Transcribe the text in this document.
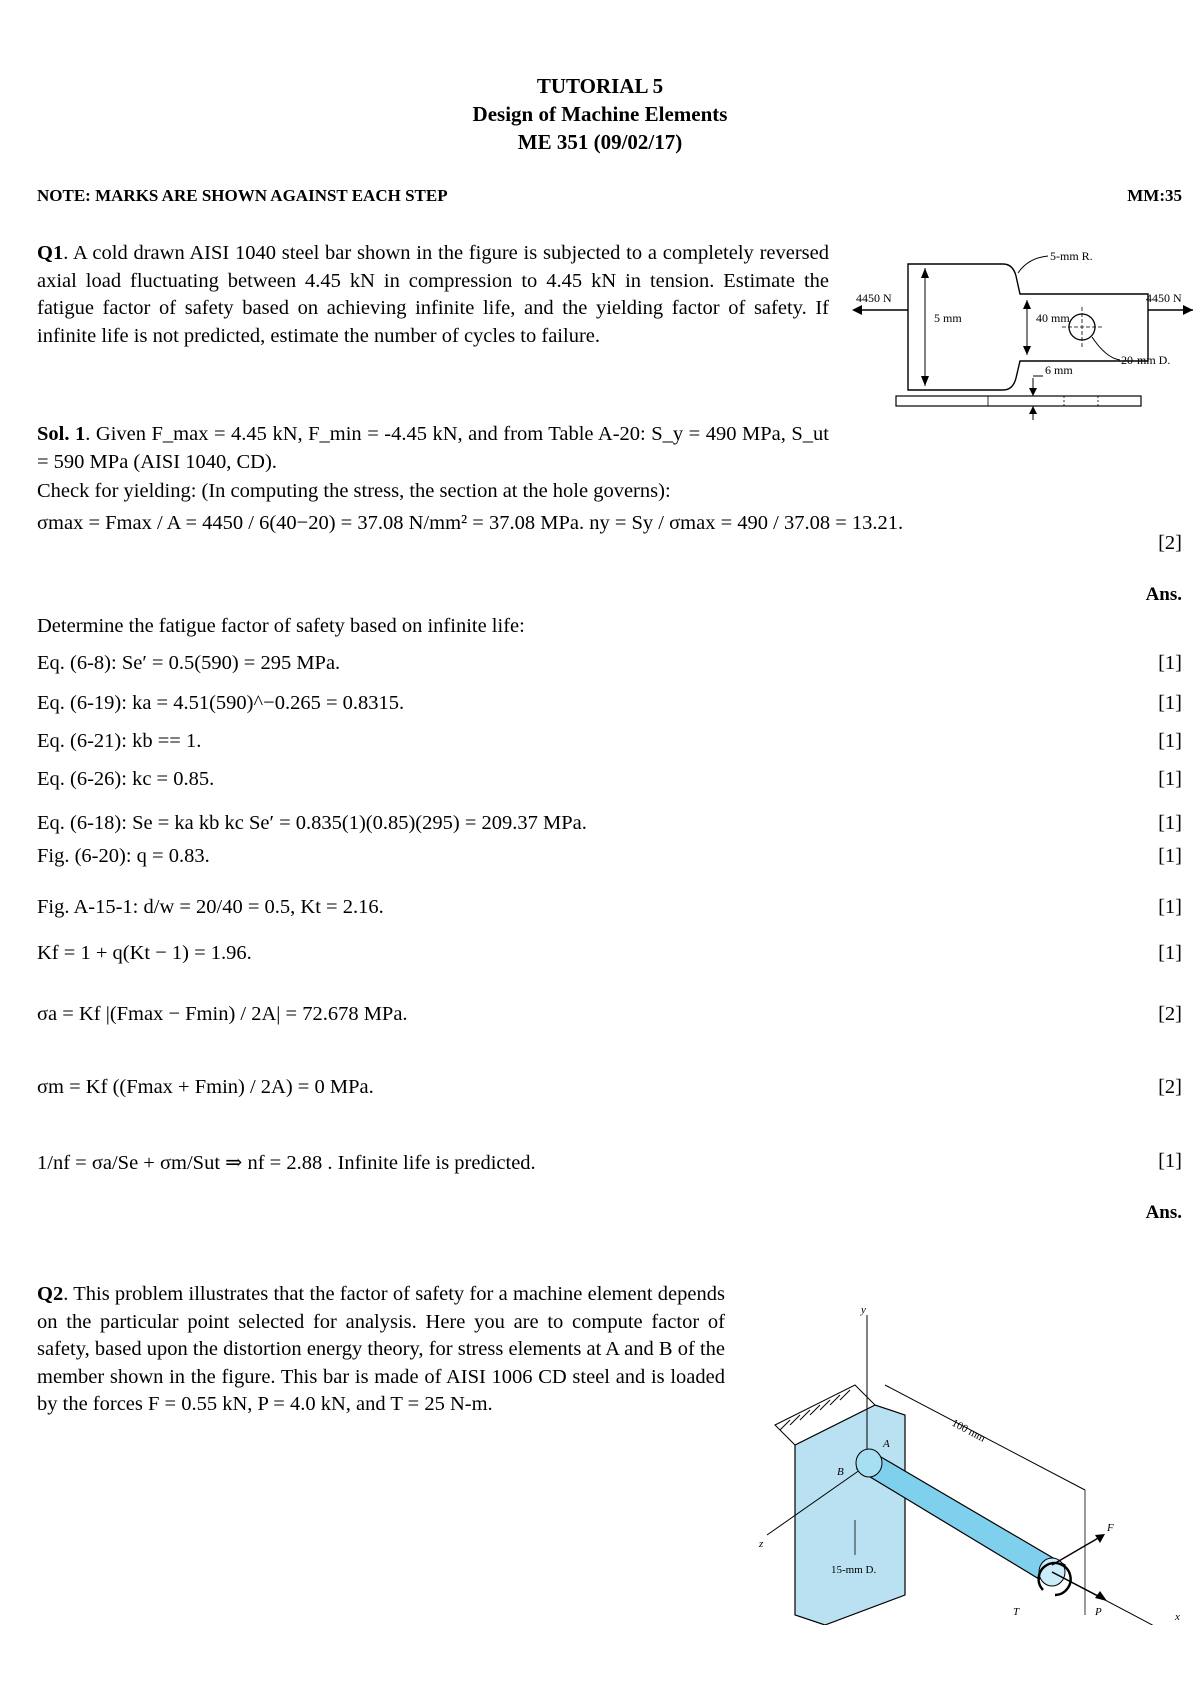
TUTORIAL 5
Design of Machine Elements
ME 351 (09/02/17)
NOTE: MARKS ARE SHOWN AGAINST EACH STEP	MM:35
Q1. A cold drawn AISI 1040 steel bar shown in the figure is subjected to a completely reversed axial load fluctuating between 4.45 kN in compression to 4.45 kN in tension. Estimate the fatigue factor of safety based on achieving infinite life, and the yielding factor of safety. If infinite life is not predicted, estimate the number of cycles to failure.
4450 N	4450 N
5 mm	40 mm
5-mm R.
20-mm D.
6 mm
Sol. 1. Given F_max = 4.45 kN, F_min = -4.45 kN, and from Table A-20: S_y = 490 MPa, S_ut = 590 MPa (AISI 1040, CD).
Check for yielding: (In computing the stress, the section at the hole governs):
σmax = Fmax / A = 4450 / 6(40−20) = 37.08 N/mm² = 37.08 MPa. ny = Sy / σmax = 490 / 37.08 = 13.21.
[2]
Ans.
Determine the fatigue factor of safety based on infinite life:
Eq. (6-8): Se′ = 0.5(590) = 295 MPa.	[1]
Eq. (6-19): ka = 4.51(590)^−0.265 = 0.8315.	[1]
Eq. (6-21): kb == 1.	[1]
Eq. (6-26): kc = 0.85.	[1]
Eq. (6-18): Se = ka kb kc Se′ = 0.835(1)(0.85)(295) = 209.37 MPa.	[1]
Fig. (6-20): q = 0.83.	[1]
Fig. A-15-1: d/w = 20/40 = 0.5, Kt = 2.16.	[1]
Kf = 1 + q(Kt − 1) = 1.96.	[1]
σa = Kf |(Fmax − Fmin) / 2A| = 72.678 MPa.	[2]
σm = Kf ((Fmax + Fmin) / 2A) = 0 MPa.	[2]
1/nf = σa/Se + σm/Sut ⇒ nf = 2.88 . Infinite life is predicted.	[1]
Ans.
Q2. This problem illustrates that the factor of safety for a machine element depends on the particular point selected for analysis. Here you are to compute factor of safety, based upon the distortion energy theory, for stress elements at A and B of the member shown in the figure. This bar is made of AISI 1006 CD steel and is loaded by the forces F = 0.55 kN, P = 4.0 kN, and T = 25 N-m.
y
z
x
100 mm
A
B
15-mm D.
F
P
T
